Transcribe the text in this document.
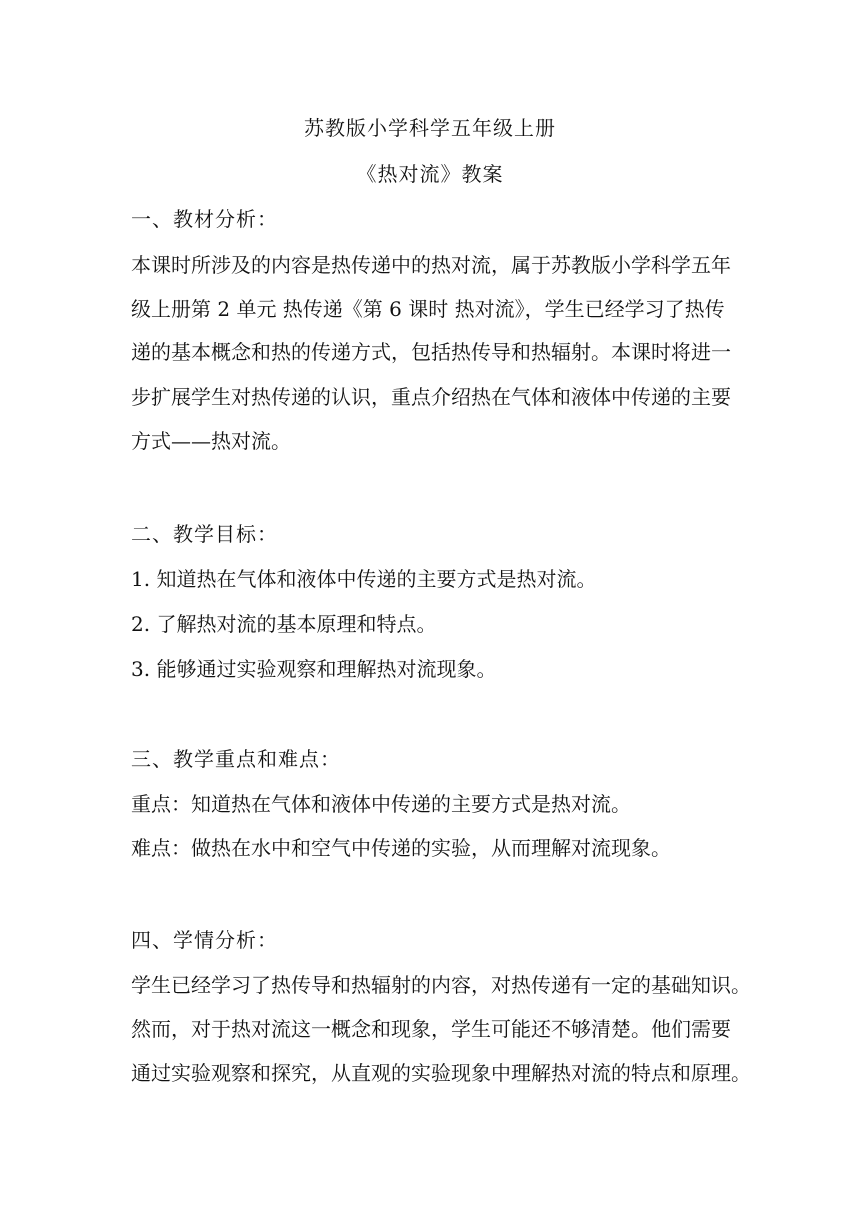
苏教版小学科学五年级上册
《热对流》教案
一、教材分析：
本课时所涉及的内容是热传递中的热对流，属于苏教版小学科学五年
级上册第 2 单元 热传递《第 6 课时 热对流》，学生已经学习了热传
递的基本概念和热的传递方式，包括热传导和热辐射。本课时将进一
步扩展学生对热传递的认识，重点介绍热在气体和液体中传递的主要
方式——热对流。
二、教学目标：
1. 知道热在气体和液体中传递的主要方式是热对流。
2. 了解热对流的基本原理和特点。
3. 能够通过实验观察和理解热对流现象。
三、教学重点和难点：
重点：知道热在气体和液体中传递的主要方式是热对流。
难点：做热在水中和空气中传递的实验，从而理解对流现象。
四、学情分析：
学生已经学习了热传导和热辐射的内容，对热传递有一定的基础知识。
然而，对于热对流这一概念和现象，学生可能还不够清楚。他们需要
通过实验观察和探究，从直观的实验现象中理解热对流的特点和原理。
